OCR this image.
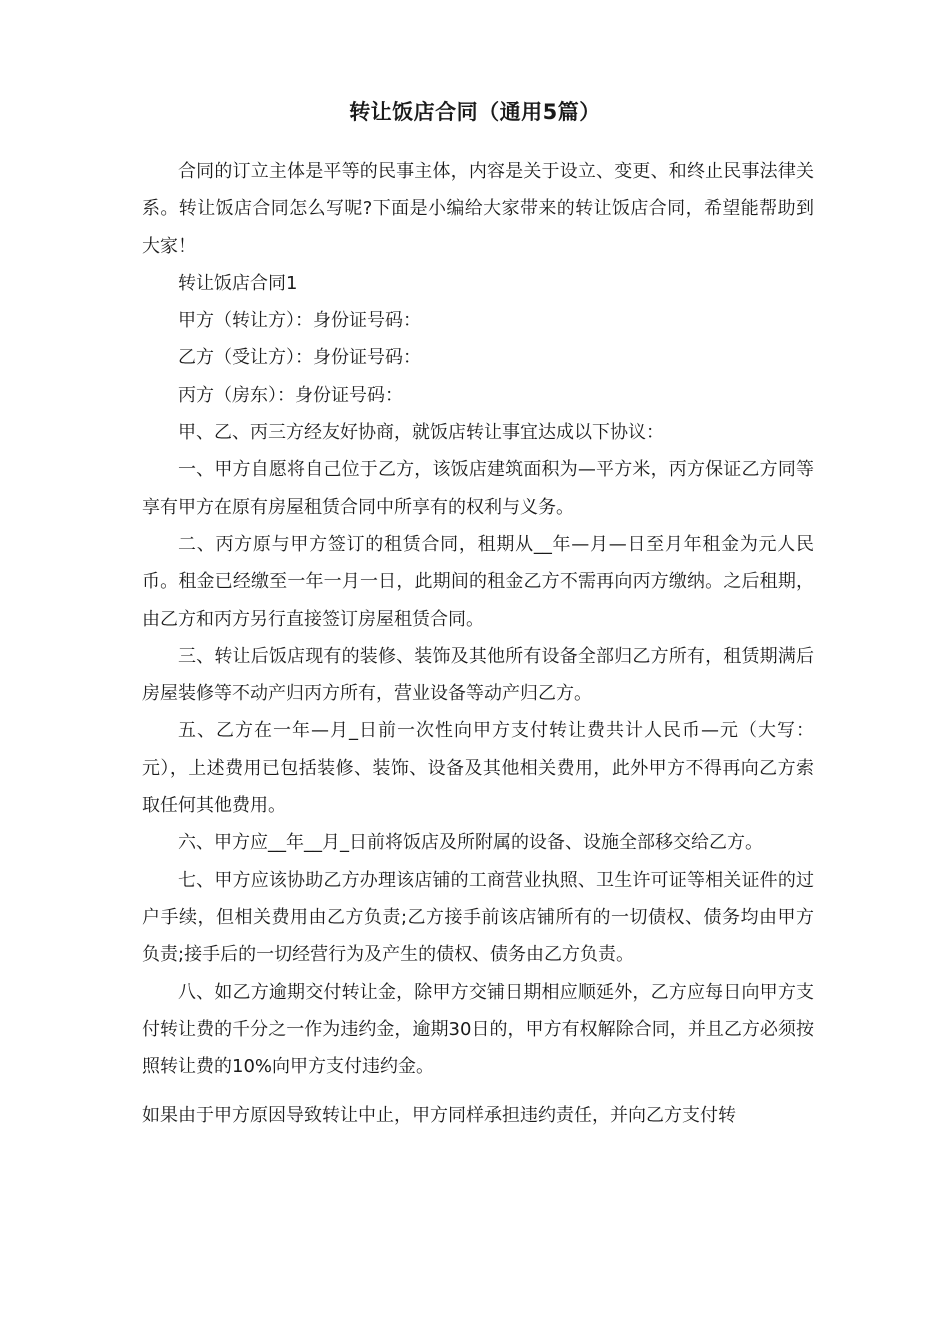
转让饭店合同（通用5篇）

合同的订立主体是平等的民事主体，内容是关于设立、变更、和终止民事法律关系。转让饭店合同怎么写呢?下面是小编给大家带来的转让饭店合同，希望能帮助到大家！

转让饭店合同1

甲方（转让方）：身份证号码：

乙方（受让方）：身份证号码：

丙方（房东）：身份证号码：

甲、乙、丙三方经友好协商，就饭店转让事宜达成以下协议：

一、甲方自愿将自己位于乙方，该饭店建筑面积为—平方米，丙方保证乙方同等享有甲方在原有房屋租赁合同中所享有的权利与义务。

二、丙方原与甲方签订的租赁合同，租期从__年—月—日至月年租金为元人民币。租金已经缴至一年一月一日，此期间的租金乙方不需再向丙方缴纳。之后租期，由乙方和丙方另行直接签订房屋租赁合同。

三、转让后饭店现有的装修、装饰及其他所有设备全部归乙方所有，租赁期满后房屋装修等不动产归丙方所有，营业设备等动产归乙方。

五、乙方在一年—月_日前一次性向甲方支付转让费共计人民币—元（大写：元），上述费用已包括装修、装饰、设备及其他相关费用，此外甲方不得再向乙方索取任何其他费用。

六、甲方应__年__月_日前将饭店及所附属的设备、设施全部移交给乙方。

七、甲方应该协助乙方办理该店铺的工商营业执照、卫生许可证等相关证件的过户手续，但相关费用由乙方负责;乙方接手前该店铺所有的一切债权、债务均由甲方负责;接手后的一切经营行为及产生的债权、债务由乙方负责。

八、如乙方逾期交付转让金，除甲方交铺日期相应顺延外，乙方应每日向甲方支付转让费的千分之一作为违约金，逾期30日的，甲方有权解除合同，并且乙方必须按照转让费的10%向甲方支付违约金。

如果由于甲方原因导致转让中止，甲方同样承担违约责任，并向乙方支付转
